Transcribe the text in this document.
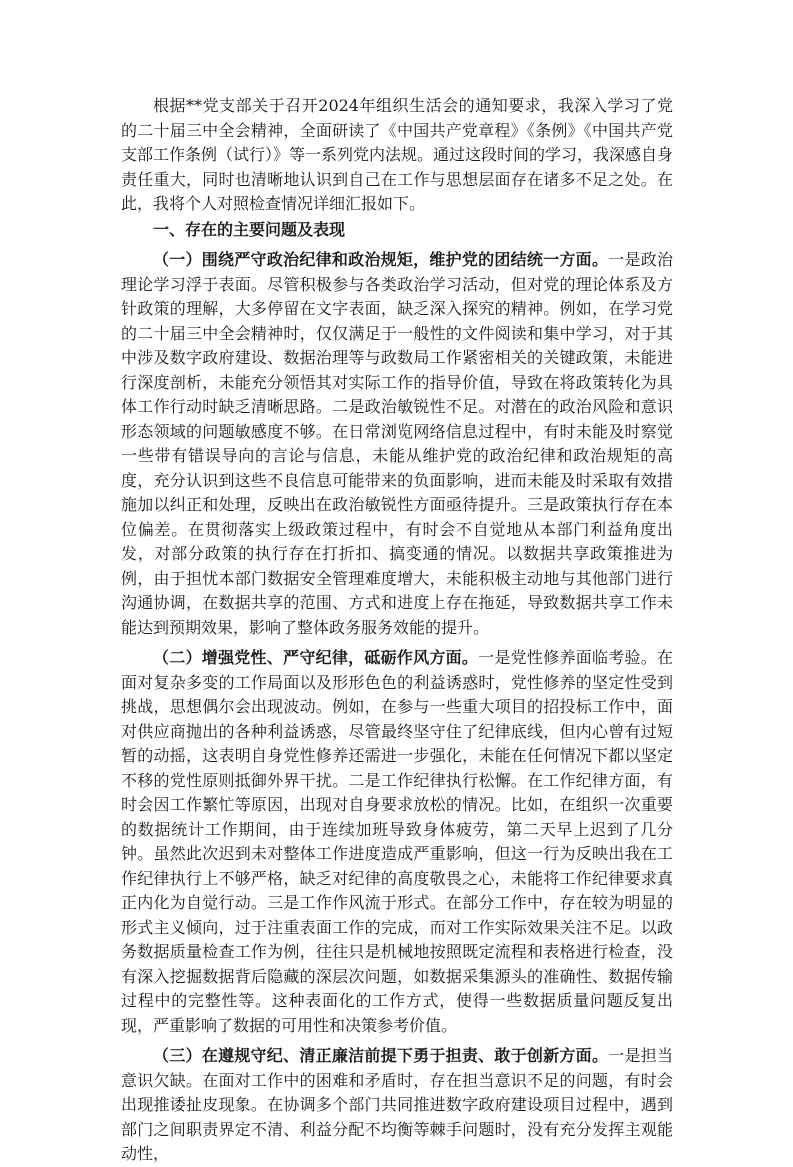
根据**党支部关于召开2024年组织生活会的通知要求，我深入学习了党的二十届三中全会精神，全面研读了《中国共产党章程》《条例》《中国共产党支部工作条例（试行）》等一系列党内法规。通过这段时间的学习，我深感自身责任重大，同时也清晰地认识到自己在工作与思想层面存在诸多不足之处。在此，我将个人对照检查情况详细汇报如下。

一、存在的主要问题及表现

（一）围绕严守政治纪律和政治规矩，维护党的团结统一方面。一是政治理论学习浮于表面。尽管积极参与各类政治学习活动，但对党的理论体系及方针政策的理解，大多停留在文字表面，缺乏深入探究的精神。例如，在学习党的二十届三中全会精神时，仅仅满足于一般性的文件阅读和集中学习，对于其中涉及数字政府建设、数据治理等与政数局工作紧密相关的关键政策，未能进行深度剖析，未能充分领悟其对实际工作的指导价值，导致在将政策转化为具体工作行动时缺乏清晰思路。二是政治敏锐性不足。对潜在的政治风险和意识形态领域的问题敏感度不够。在日常浏览网络信息过程中，有时未能及时察觉一些带有错误导向的言论与信息，未能从维护党的政治纪律和政治规矩的高度，充分认识到这些不良信息可能带来的负面影响，进而未能及时采取有效措施加以纠正和处理，反映出在政治敏锐性方面亟待提升。三是政策执行存在本位偏差。在贯彻落实上级政策过程中，有时会不自觉地从本部门利益角度出发，对部分政策的执行存在打折扣、搞变通的情况。以数据共享政策推进为例，由于担忧本部门数据安全管理难度增大，未能积极主动地与其他部门进行沟通协调，在数据共享的范围、方式和进度上存在拖延，导致数据共享工作未能达到预期效果，影响了整体政务服务效能的提升。

（二）增强党性、严守纪律，砥砺作风方面。一是党性修养面临考验。在面对复杂多变的工作局面以及形形色色的利益诱惑时，党性修养的坚定性受到挑战，思想偶尔会出现波动。例如，在参与一些重大项目的招投标工作中，面对供应商抛出的各种利益诱惑，尽管最终坚守住了纪律底线，但内心曾有过短暂的动摇，这表明自身党性修养还需进一步强化，未能在任何情况下都以坚定不移的党性原则抵御外界干扰。二是工作纪律执行松懈。在工作纪律方面，有时会因工作繁忙等原因，出现对自身要求放松的情况。比如，在组织一次重要的数据统计工作期间，由于连续加班导致身体疲劳，第二天早上迟到了几分钟。虽然此次迟到未对整体工作进度造成严重影响，但这一行为反映出我在工作纪律执行上不够严格，缺乏对纪律的高度敬畏之心，未能将工作纪律要求真正内化为自觉行动。三是工作作风流于形式。在部分工作中，存在较为明显的形式主义倾向，过于注重表面工作的完成，而对工作实际效果关注不足。以政务数据质量检查工作为例，往往只是机械地按照既定流程和表格进行检查，没有深入挖掘数据背后隐藏的深层次问题，如数据采集源头的准确性、数据传输过程中的完整性等。这种表面化的工作方式，使得一些数据质量问题反复出现，严重影响了数据的可用性和决策参考价值。

（三）在遵规守纪、清正廉洁前提下勇于担责、敢于创新方面。一是担当意识欠缺。在面对工作中的困难和矛盾时，存在担当意识不足的问题，有时会出现推诿扯皮现象。在协调多个部门共同推进数字政府建设项目过程中，遇到部门之间职责界定不清、利益分配不均衡等棘手问题时，没有充分发挥主观能动性，
